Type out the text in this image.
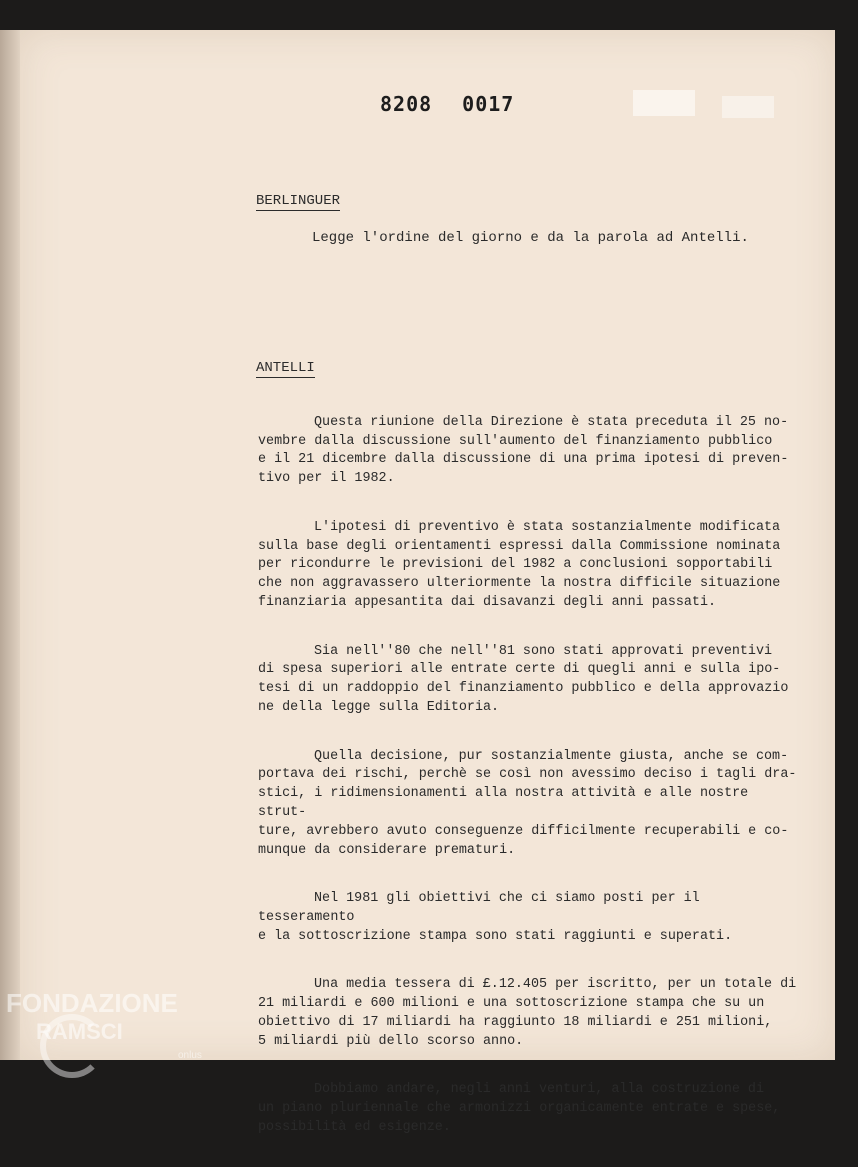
8208 0017
BERLINGUER
Legge l'ordine del giorno e da la parola ad Antelli.
ANTELLI

Questa riunione della Direzione è stata preceduta il 25 no-
vembre dalla discussione sull'aumento del finanziamento pubblico
e il 21 dicembre dalla discussione di una prima ipotesi di preven-
tivo per il 1982.

L'ipotesi di preventivo è stata sostanzialmente modificata
sulla base degli orientamenti espressi dalla Commissione nominata
per ricondurre le previsioni del 1982 a conclusioni sopportabili
che non aggravassero ulteriormente la nostra difficile situazione
finanziaria appesantita dai disavanzi degli anni passati.

Sia nell''80 che nell''81 sono stati approvati preventivi
di spesa superiori alle entrate certe di quegli anni e sulla ipo-
tesi di un raddoppio del finanziamento pubblico e della approvazio
ne della legge sulla Editoria.

Quella decisione, pur sostanzialmente giusta, anche se com-
portava dei rischi, perchè se così non avessimo deciso i tagli dra-
stici, i ridimensionamenti alla nostra attività e alle nostre strut-
ture, avrebbero avuto conseguenze difficilmente recuperabili e co-
munque da considerare prematuri.

Nel 1981 gli obiettivi che ci siamo posti per il tesseramento
e la sottoscrizione stampa sono stati raggiunti e superati.

Una media tessera di £.12.405 per iscritto, per un totale di
21 miliardi e 600 milioni e una sottoscrizione stampa che su un
obiettivo di 17 miliardi ha raggiunto 18 miliardi e 251 milioni,
5 miliardi più dello scorso anno.

Dobbiamo andare, negli anni venturi, alla costruzione di
un piano pluriennale che armonizzi organicamente entrate e spese,
possibilità ed esigenze.

FONDAZIONE
RAMSCI
onlus
